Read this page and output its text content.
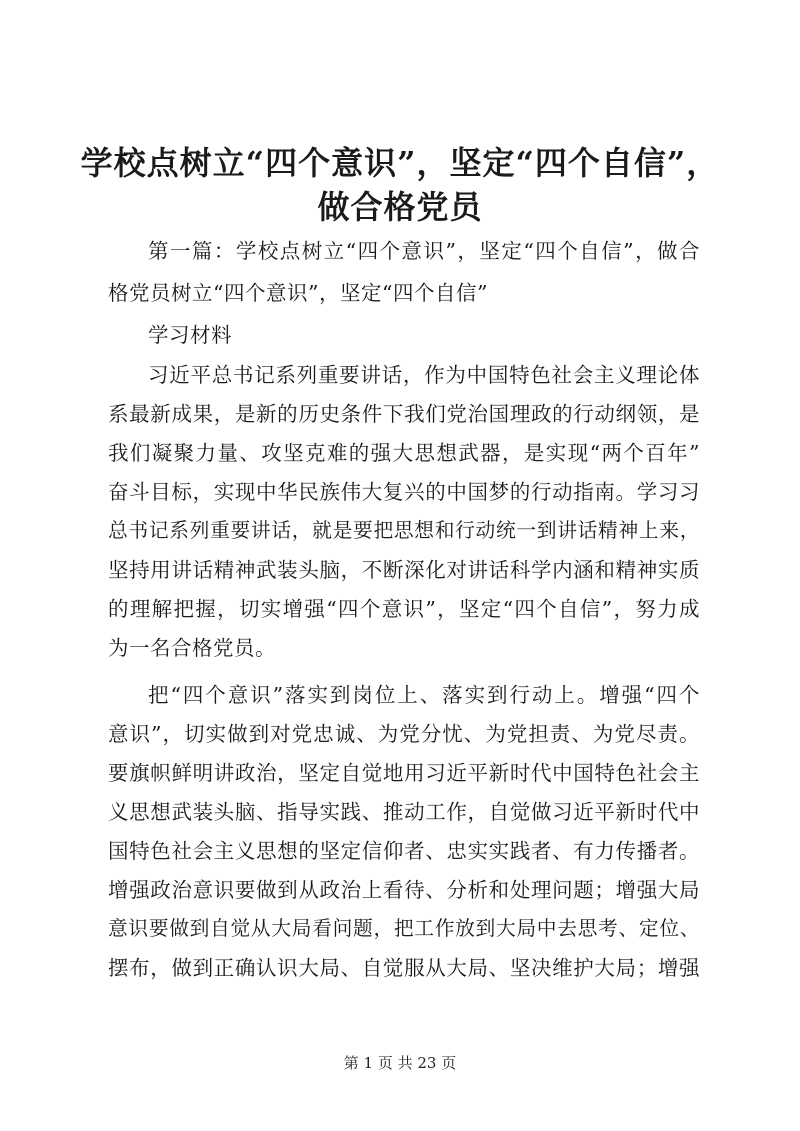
学校点树立“四个意识”，坚定“四个自信”，
做合格党员
第一篇：学校点树立“四个意识”，坚定“四个自信”，做合
格党员树立“四个意识”，坚定“四个自信”
学习材料
习近平总书记系列重要讲话，作为中国特色社会主义理论体
系最新成果，是新的历史条件下我们党治国理政的行动纲领，是
我们凝聚力量、攻坚克难的强大思想武器，是实现“两个百年”
奋斗目标，实现中华民族伟大复兴的中国梦的行动指南。学习习
总书记系列重要讲话，就是要把思想和行动统一到讲话精神上来，
坚持用讲话精神武装头脑，不断深化对讲话科学内涵和精神实质
的理解把握，切实增强“四个意识”，坚定“四个自信”，努力成
为一名合格党员。
把“四个意识”落实到岗位上、落实到行动上。增强“四个
意识”，切实做到对党忠诚、为党分忧、为党担责、为党尽责。
要旗帜鲜明讲政治，坚定自觉地用习近平新时代中国特色社会主
义思想武装头脑、指导实践、推动工作，自觉做习近平新时代中
国特色社会主义思想的坚定信仰者、忠实实践者、有力传播者。
增强政治意识要做到从政治上看待、分析和处理问题；增强大局
意识要做到自觉从大局看问题，把工作放到大局中去思考、定位、
摆布，做到正确认识大局、自觉服从大局、坚决维护大局；增强
第 1 页 共 23 页
